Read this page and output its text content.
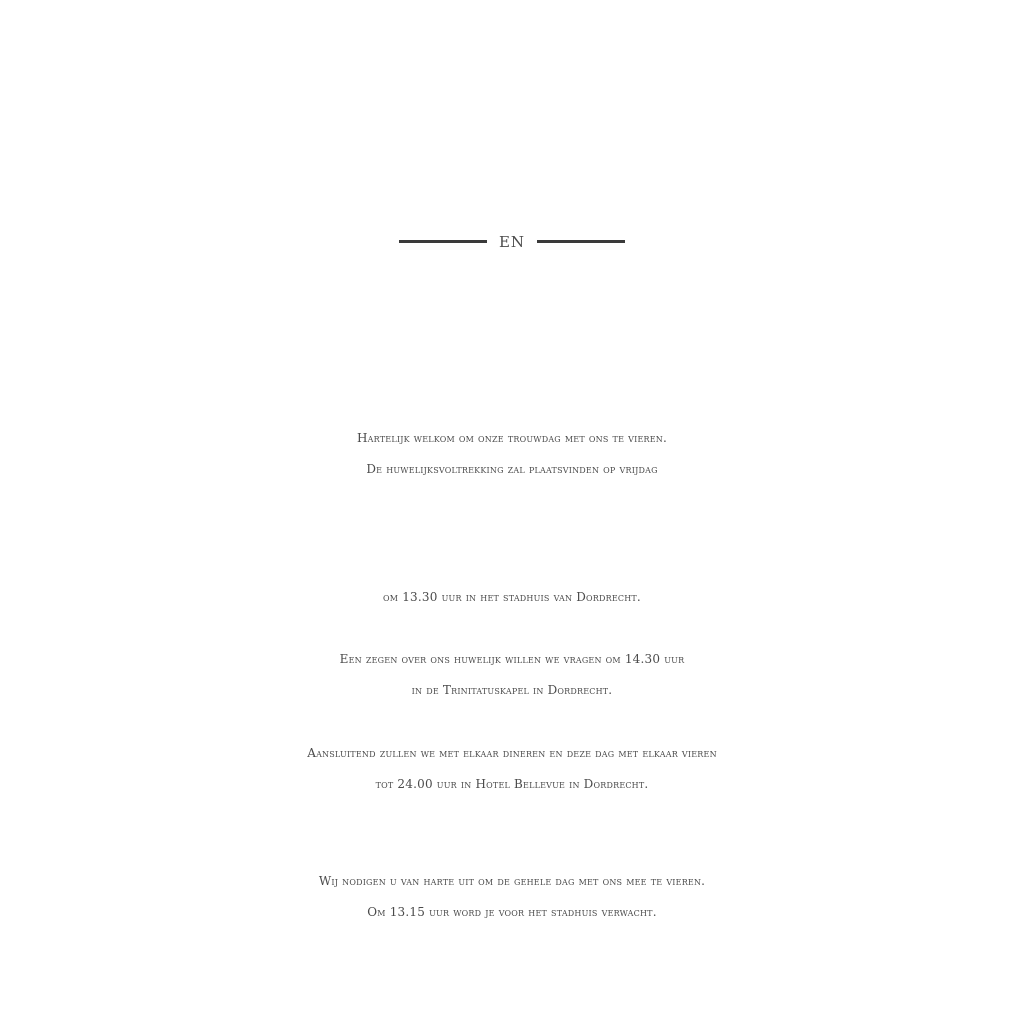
en
Hartelijk welkom om onze trouwdag met ons te vieren.
De huwelijksvoltrekking zal plaatsvinden op vrijdag
om 13.30 uur in het stadhuis van Dordrecht.
Een zegen over ons huwelijk willen we vragen om 14.30 uur
in de Trinitatuskapel in Dordrecht.
Aansluitend zullen we met elkaar dineren en deze dag met elkaar vieren
tot 24.00 uur in Hotel Bellevue in Dordrecht.
Wij nodigen u van harte uit om de gehele dag met ons mee te vieren.
Om 13.15 uur word je voor het stadhuis verwacht.
